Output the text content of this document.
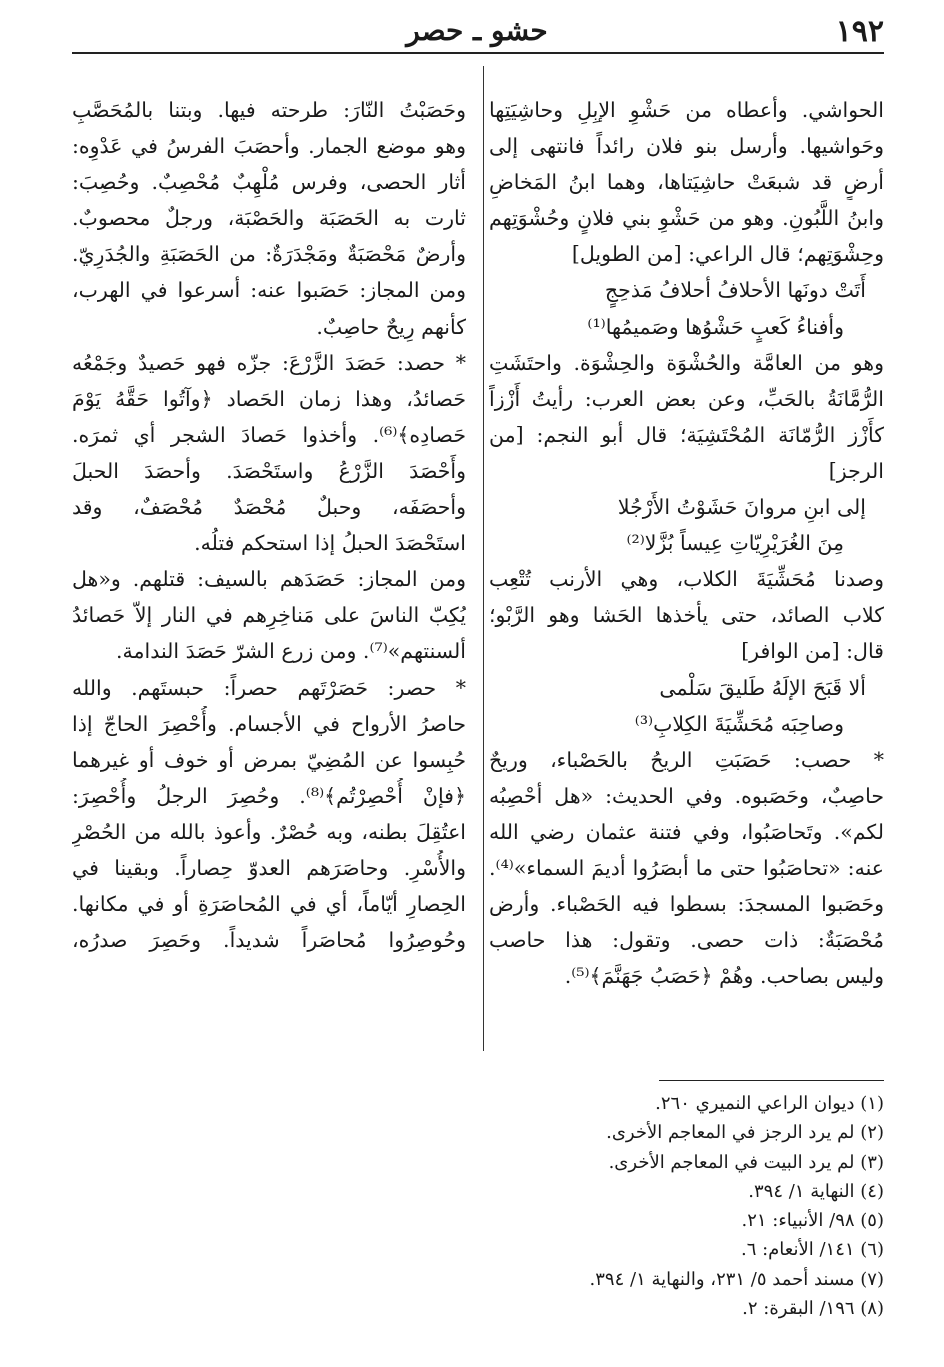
١٩٢
حشو ـ حصر
الحواشي. وأعطاه من حَشْوِ الإبِلِ وحاشِيَتِها
وحَواشيها. وأرسل بنو فلان رائداً فانتهى إلى
أرضٍ قد شبعَتْ حاشِيَتاها، وهما ابنُ المَخاضِ
وابنُ اللَّبُونِ. وهو من حَشْوِ بني فلانٍ وحُشْوَتِهم
وحِشْوَتِهم؛ قال الراعي: [من الطويل]
أَتَتْ دونَها الأحلافُ أحلافُ مَذحِجٍ
وأفناءُ كَعبٍ حَشْوُها وصَميمُها⁽¹⁾
وهو من العامَّة والحُشْوَة والحِشْوَة. واحتَشَتِ
الرُّمَّانَةُ بالحَبِّ، وعن بعض العرب: رأيتُ أَزْزاً
كأَزْز الرُّمّانَة المُحْتَشِيَة؛ قال أبو النجم: [من
الرجز]
إلى ابنِ مروانَ حَشَوْتُ الأَرْجُلا
مِنَ الغُرَيْرِيّاتِ عِيساً بُزَّلا⁽²⁾
وصدنا مُحَشِّيَةَ الكلاب، وهي الأرنب تُتْعِب
كلاب الصائد، حتى يأخذها الحَشا وهو الرَّبْو؛
قال: [من الوافر]
ألا قَبَحَ الإلَهُ طَليقَ سَلْمى
وصاحِبَه مُحَشِّيَةَ الكِلابِ⁽³⁾
* حصب: حَصَبَتِ الريحُ بالحَصْباء، وريحٌ
حاصِبٌ، وحَصَبوه. وفي الحديث: «هل أحْصِبُه
لكم». وتَحاصَبُوا، وفي فتنة عثمان رضي الله
عنه: «تحاصَبُوا حتى ما أبصَرُوا أديمَ السماء»⁽⁴⁾.
وحَصَبوا المسجدَ: بسطوا فيه الحَصْباء. وأرض
مُحْصَبَةٌ: ذات حصى. وتقول: هذا حاصب
وليس بصاحب. وهُمْ ﴿حَصَبُ جَهَنَّمَ﴾⁽⁵⁾.
وحَصَبْتُ النّارَ: طرحته فيها. وبتنا بالمُحَصَّبِ
وهو موضع الجمار. وأحصَبَ الفرسُ في عَدْوِه:
أثار الحصى، وفرس مُلْهِبٌ مُحْصِبٌ. وحُصِبَ:
ثارت به الحَصَبَة والحَصْبَة، ورجلٌ محصوبٌ.
وأرضٌ مَحْصَبَةٌ ومَجْدَرَةٌ: من الحَصَبَةِ والجُدَرِيّ.
ومن المجاز: حَصَبوا عنه: أسرعوا في الهرب،
كأنهم رِيحٌ حاصِبٌ.
* حصد: حَصَدَ الزَّرْعَ: جزّه فهو حَصيدٌ وجَمْعُه
حَصائدُ، وهذا زمان الحَصاد ﴿وآتُوا حَقَّهُ يَوْمَ
حَصادِه﴾⁽⁶⁾. وأخذوا حَصادَ الشجر أي ثمرَه.
وأَحْصَدَ الزَّرْعُ واستَحْصَدَ. وأحصَدَ الحبلَ
وأحصَفَه، وحبلٌ مُحْصَدٌ مُحْصَفٌ، وقد
استَحْصَدَ الحبلُ إذا استحكم فتلُه.
ومن المجاز: حَصَدَهم بالسيف: قتلهم. و«هل
يُكِبّ الناسَ على مَناخِرِهم في النار إلاّ حَصائدُ
ألسنتهم»⁽⁷⁾. ومن زرع الشرّ حَصَدَ الندامة.
* حصر: حَصَرْتَهم حصراً: حبستَهم. والله
حاصرُ الأرواح في الأجسام. وأُحْصِرَ الحاجّ إذا
حُبِسوا عن المُضِيّ بمرض أو خوف أو غيرهما
﴿فإنْ أُحْصِرْتُم﴾⁽⁸⁾. وحُصِرَ الرجلُ وأُحْصِرَ:
اعتُقِلَ بطنه، وبه حُصْرٌ. وأعوذ بالله من الحُصْرِ
والأُسْرِ. وحاصَرَهم العدوّ حِصاراً. وبقينا في
الحِصارِ أيّاماً، أي في المُحاصَرَةِ أو في مكانها.
وحُوصِرُوا مُحاصَراً شديداً. وحَصِرَ صدرُه،
(١) ديوان الراعي النميري ٢٦٠.
(٢) لم يرد الرجز في المعاجم الأخرى.
(٣) لم يرد البيت في المعاجم الأخرى.
(٤) النهاية ١/ ٣٩٤.
(٥) ٩٨/ الأنبياء: ٢١.
(٦) ١٤١/ الأنعام: ٦.
(٧) مسند أحمد ٥/ ٢٣١، والنهاية ١/ ٣٩٤.
(٨) ١٩٦/ البقرة: ٢.
